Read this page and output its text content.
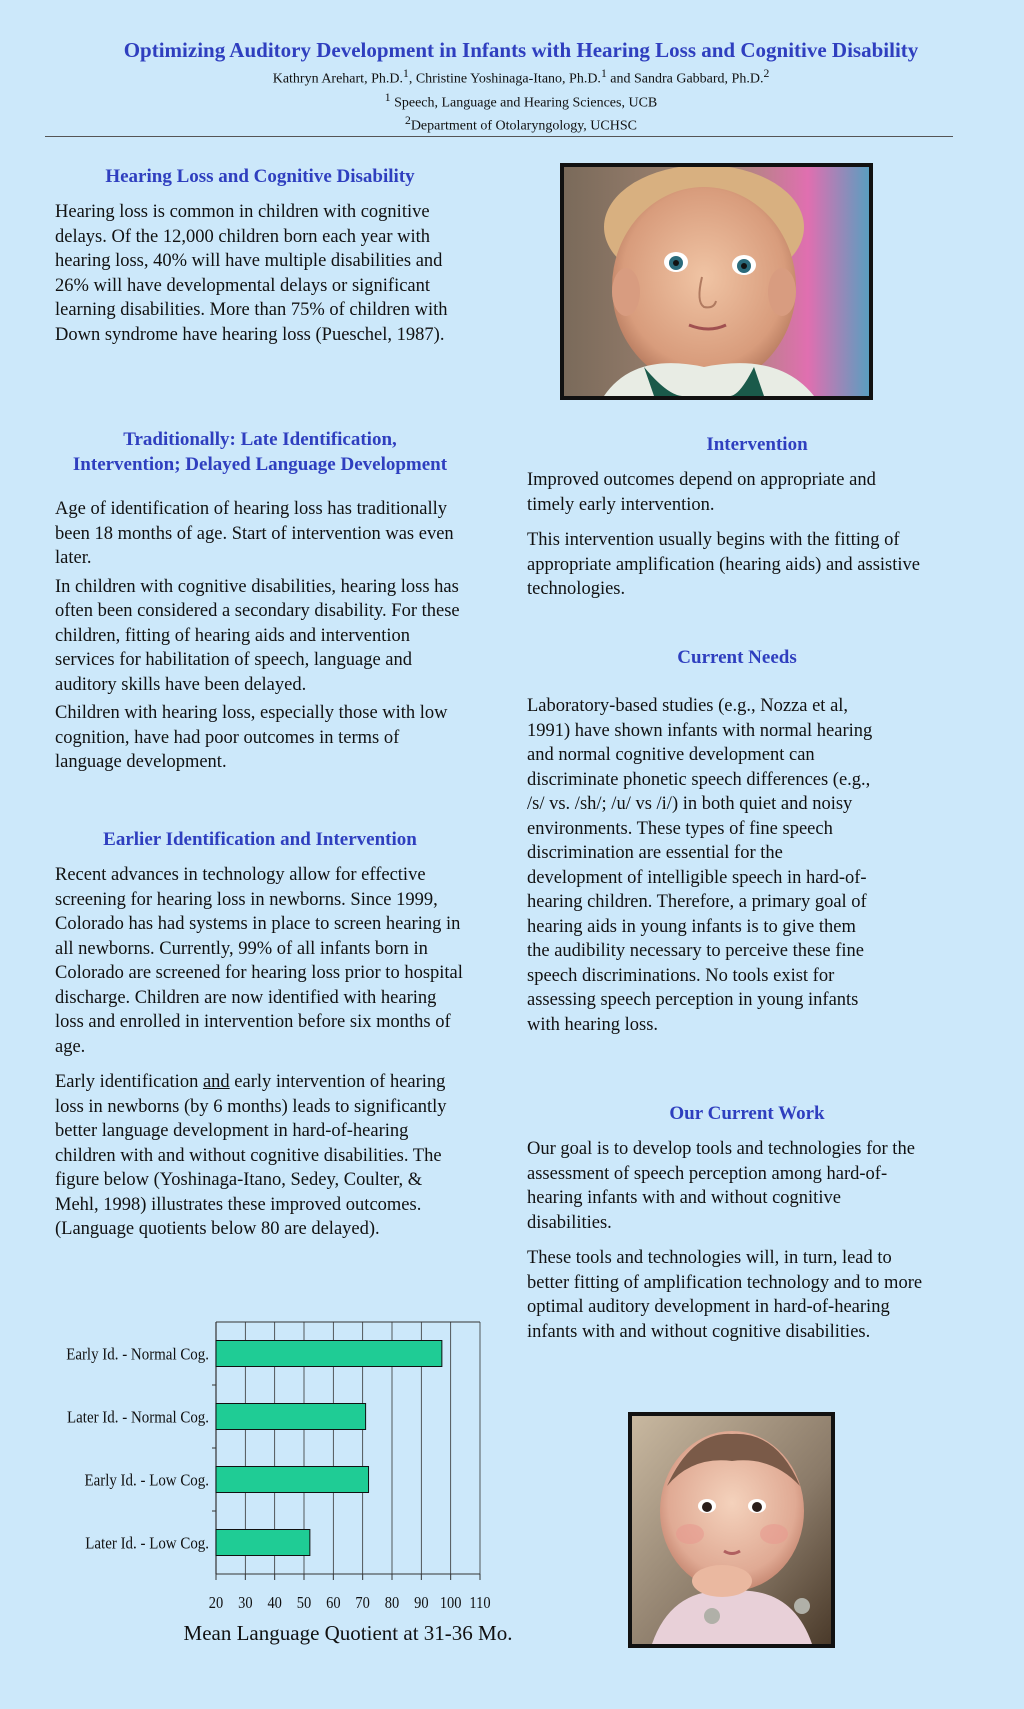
Optimizing Auditory Development in Infants with Hearing Loss and Cognitive Disability
Kathryn Arehart, Ph.D.$^1$, Christine Yoshinaga-Itano, Ph.D.$^1$ and Sandra Gabbard, Ph.D.$^2$
$^1$ Speech, Language and Hearing Sciences, UCB
$^2$Department of Otolaryngology, UCHSC
Hearing Loss and Cognitive Disability

Hearing loss is common in children with cognitive delays. Of the 12,000 children born each year with hearing loss, 40% will have multiple disabilities and 26% will have developmental delays or significant learning disabilities. More than 75% of children with Down syndrome have hearing loss (Pueschel, 1987).

Traditionally: Late Identification,
Intervention; Delayed Language Development

Age of identification of hearing loss has traditionally been 18 months of age. Start of intervention was even later.

In children with cognitive disabilities, hearing loss has often been considered a secondary disability. For these children, fitting of hearing aids and intervention services for habilitation of speech, language and auditory skills have been delayed.

Children with hearing loss, especially those with low cognition, have had poor outcomes in terms of language development.

Earlier Identification and Intervention

Recent advances in technology allow for effective screening for hearing loss in newborns. Since 1999, Colorado has had systems in place to screen hearing in all newborns. Currently, 99% of all infants born in Colorado are screened for hearing loss prior to hospital discharge. Children are now identified with hearing loss and enrolled in intervention before six months of age.

Early identification and early intervention of hearing loss in newborns (by 6 months) leads to significantly better language development in hard-of-hearing children with and without cognitive disabilities. The figure below (Yoshinaga-Itano, Sedey, Coulter, & Mehl, 1998) illustrates these improved outcomes. (Language quotients below 80 are delayed).

Intervention

Improved outcomes depend on appropriate and timely early intervention.

This intervention usually begins with the fitting of appropriate amplification (hearing aids) and assistive technologies.

Current Needs

Laboratory-based studies (e.g., Nozza et al, 1991) have shown infants with normal hearing and normal cognitive development can discriminate phonetic speech differences (e.g., /s/ vs. /sh/; /u/ vs /i/) in both quiet and noisy environments. These types of fine speech discrimination are essential for the development of intelligible speech in hard-of-hearing children. Therefore, a primary goal of hearing aids in young infants is to give them the audibility necessary to perceive these fine speech discriminations. No tools exist for assessing speech perception in young infants with hearing loss.

Our Current Work

Our goal is to develop tools and technologies for the assessment of speech perception among hard-of-hearing infants with and without cognitive disabilities.

These tools and technologies will, in turn, lead to better fitting of amplification technology and to more optimal auditory development in hard-of-hearing infants with and without cognitive disabilities.

Early Id. - Normal Cog.
Later Id. - Normal Cog.
Early Id. - Low Cog.
Later Id. - Low Cog.
20 30 40 50 60 70 80 90 100 110
Mean Language Quotient at 31-36 Mo.
